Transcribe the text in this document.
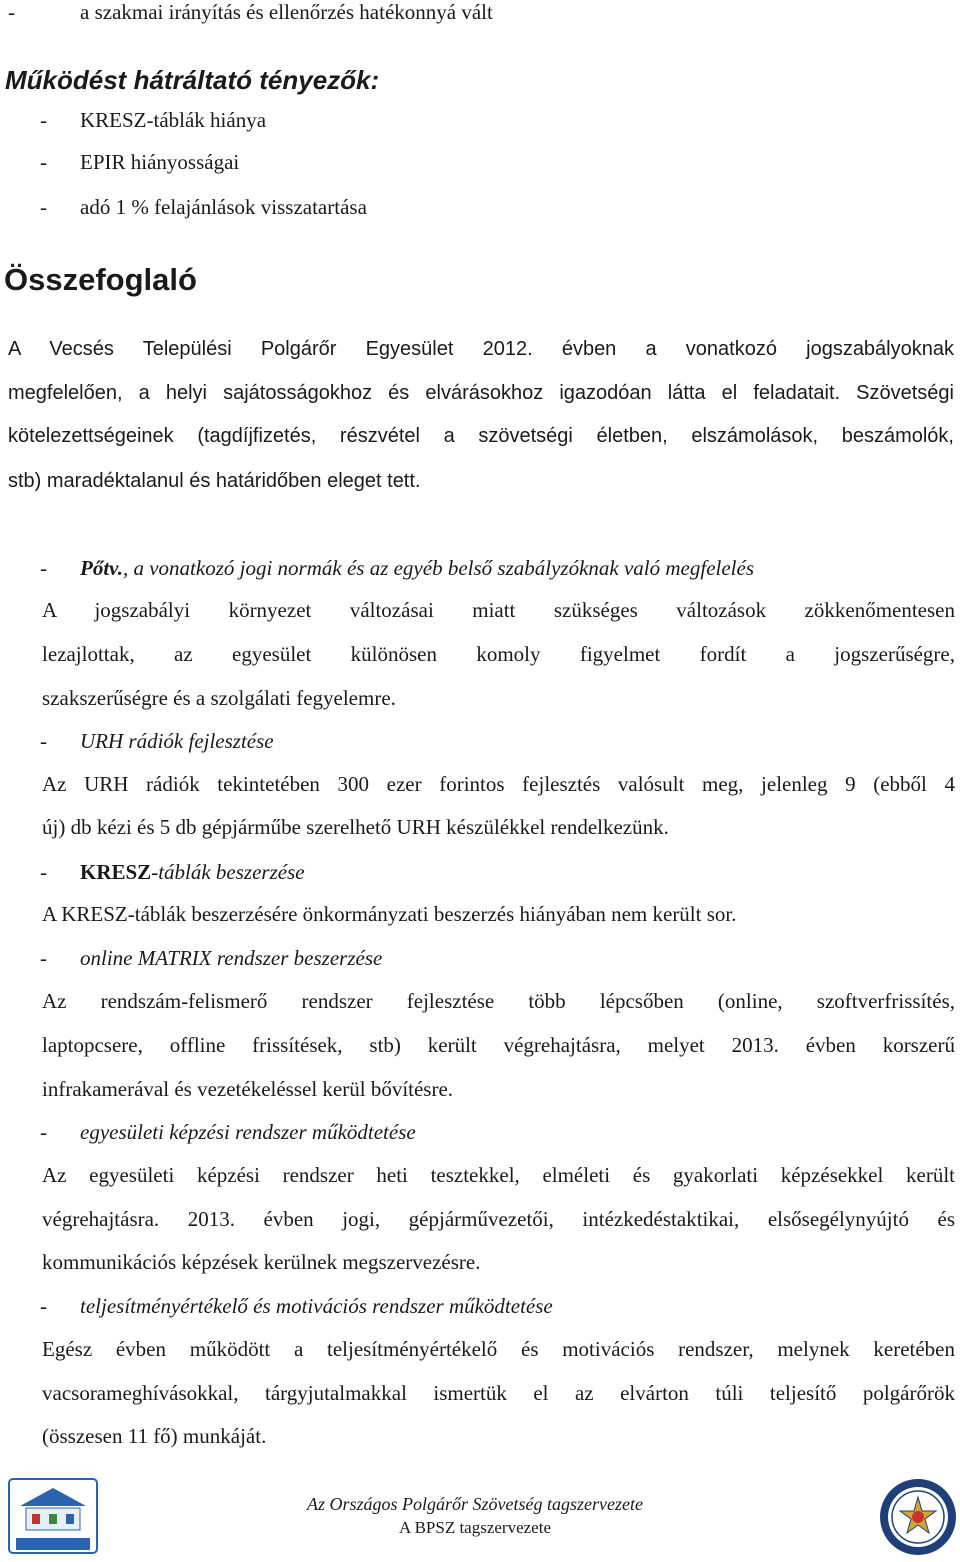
-	a szakmai irányítás és ellenőrzés hatékonnyá vált
Működést hátráltató tényezők:
- KRESZ-táblák hiánya
- EPIR hiányosságai
- adó 1 % felajánlások visszatartása
Összefoglaló
A Vecsés Települési Polgárőr Egyesület 2012. évben a vonatkozó jogszabályoknak
megfelelően, a helyi sajátosságokhoz és elvárásokhoz igazodóan látta el feladatait. Szövetségi
kötelezettségeinek (tagdíjfizetés, részvétel a szövetségi életben, elszámolások, beszámolók,
stb) maradéktalanul és határidőben eleget tett.
- Pőtv., a vonatkozó jogi normák és az egyéb belső szabályzóknak való megfelelés
A jogszabályi környezet változásai miatt szükséges változások zökkenőmentesen
lezajlottak, az egyesület különösen komoly figyelmet fordít a jogszerűségre,
szakszerűségre és a szolgálati fegyelemre.
- URH rádiók fejlesztése
Az URH rádiók tekintetében 300 ezer forintos fejlesztés valósult meg, jelenleg 9 (ebből 4
új) db kézi és 5 db gépjárműbe szerelhető URH készülékkel rendelkezünk.
- KRESZ-táblák beszerzése
A KRESZ-táblák beszerzésére önkormányzati beszerzés hiányában nem került sor.
- online MATRIX rendszer beszerzése
Az rendszám-felismerő rendszer fejlesztése több lépcsőben (online, szoftverfrissítés,
laptopcsere, offline frissítések, stb) került végrehajtásra, melyet 2013. évben korszerű
infrakamerával és vezetékeléssel kerül bővítésre.
- egyesületi képzési rendszer működtetése
Az egyesületi képzési rendszer heti tesztekkel, elméleti és gyakorlati képzésekkel került
végrehajtásra. 2013. évben jogi, gépjárművezetői, intézkedéstaktikai, elsősegélynyújtó és
kommunikációs képzések kerülnek megszervezésre.
- teljesítményértékelő és motivációs rendszer működtetése
Egész évben működött a teljesítményértékelő és motivációs rendszer, melynek keretében
vacsorameghívásokkal, tárgyjutalmakkal ismertük el az elvárton túli teljesítő polgárőrök
(összesen 11 fő) munkáját.
Az Országos Polgárőr Szövetség tagszervezete
A BPSZ tagszervezete
